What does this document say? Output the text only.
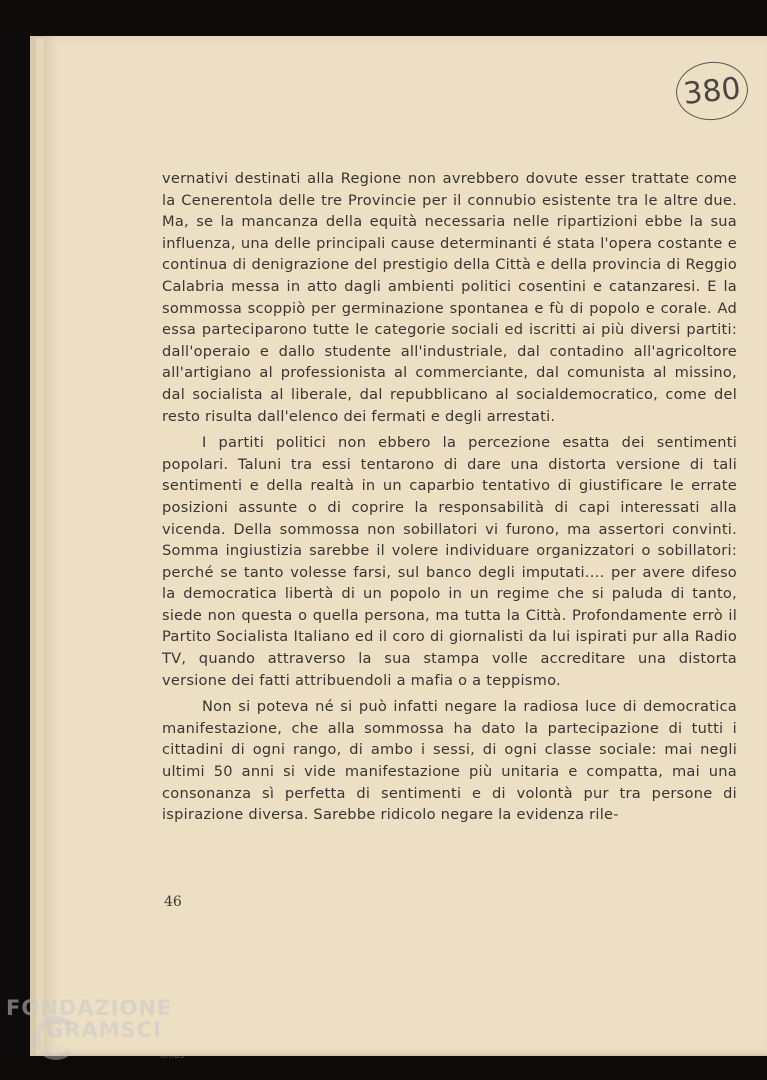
380

vernativi destinati alla Regione non avrebbero dovute esser trattate come la Cenerentola delle tre Provincie per il connubio esistente tra le altre due. Ma, se la mancanza della equità necessaria nelle ripartizioni ebbe la sua influenza, una delle principali cause determinanti é stata l'opera costante e continua di denigrazione del prestigio della Città e della provincia di Reggio Calabria messa in atto dagli ambienti politici cosentini e catanzaresi. E la sommossa scoppiò per germinazione spontanea e fù di popolo e corale. Ad essa parteciparono tutte le categorie sociali ed iscritti ai più diversi partiti: dall'operaio e dallo studente all'industriale, dal contadino all'agricoltore all'artigiano al professionista al commerciante, dal comunista al missino, dal socialista al liberale, dal repubblicano al socialdemocratico, come del resto risulta dall'elenco dei fermati e degli arrestati.

I partiti politici non ebbero la percezione esatta dei sentimenti popolari. Taluni tra essi tentarono di dare una distorta versione di tali sentimenti e della realtà in un caparbio tentativo di giustificare le errate posizioni assunte o di coprire la responsabilità di capi interessati alla vicenda. Della sommossa non sobillatori vi furono, ma assertori convinti. Somma ingiustizia sarebbe il volere individuare organizzatori o sobillatori: perché se tanto volesse farsi, sul banco degli imputati.... per avere difeso la democratica libertà di un popolo in un regime che si paluda di tanto, siede non questa o quella persona, ma tutta la Città. Profondamente errò il Partito Socialista Italiano ed il coro di giornalisti da lui ispirati pur alla Radio TV, quando attraverso la sua stampa volle accreditare una distorta versione dei fatti attribuendoli a mafia o a teppismo.

Non si poteva né si può infatti negare la radiosa luce di democratica manifestazione, che alla sommossa ha dato la partecipazione di tutti i cittadini di ogni rango, di ambo i sessi, di ogni classe sociale: mai negli ultimi 50 anni si vide manifestazione più unitaria e compatta, mai una consonanza sì perfetta di sentimenti e di volontà pur tra persone di ispirazione diversa. Sarebbe ridicolo negare la evidenza rile-

46
FONDAZIONE
GRAMSCI
onlus
